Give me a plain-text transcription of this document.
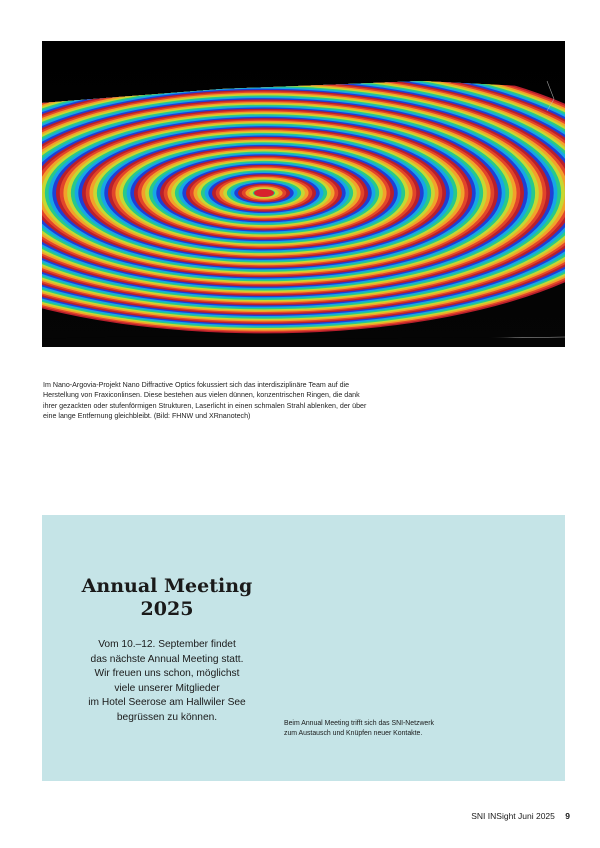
Im Nano-Argovia-Projekt Nano Diffractive Optics fokussiert sich das interdisziplinäre Team auf die Herstellung von Fraxiconlinsen. Diese bestehen aus vielen dünnen, konzentrischen Ringen, die dank ihrer gezackten oder stufenförmigen Strukturen, Laserlicht in einen schmalen Strahl ablenken, der über eine lange Entfernung gleichbleibt. (Bild: FHNW und XRnanotech)
Annual Meeting
2025
Vom 10.–12. September findet
das nächste Annual Meeting statt.
Wir freuen uns schon, möglichst
viele unserer Mitglieder
im Hotel Seerose am Hallwiler See
begrüssen zu können.
Beim Annual Meeting trifft sich das SNI-Netzwerk
zum Austausch und Knüpfen neuer Kontakte.
SNI INSight Juni 2025 9
